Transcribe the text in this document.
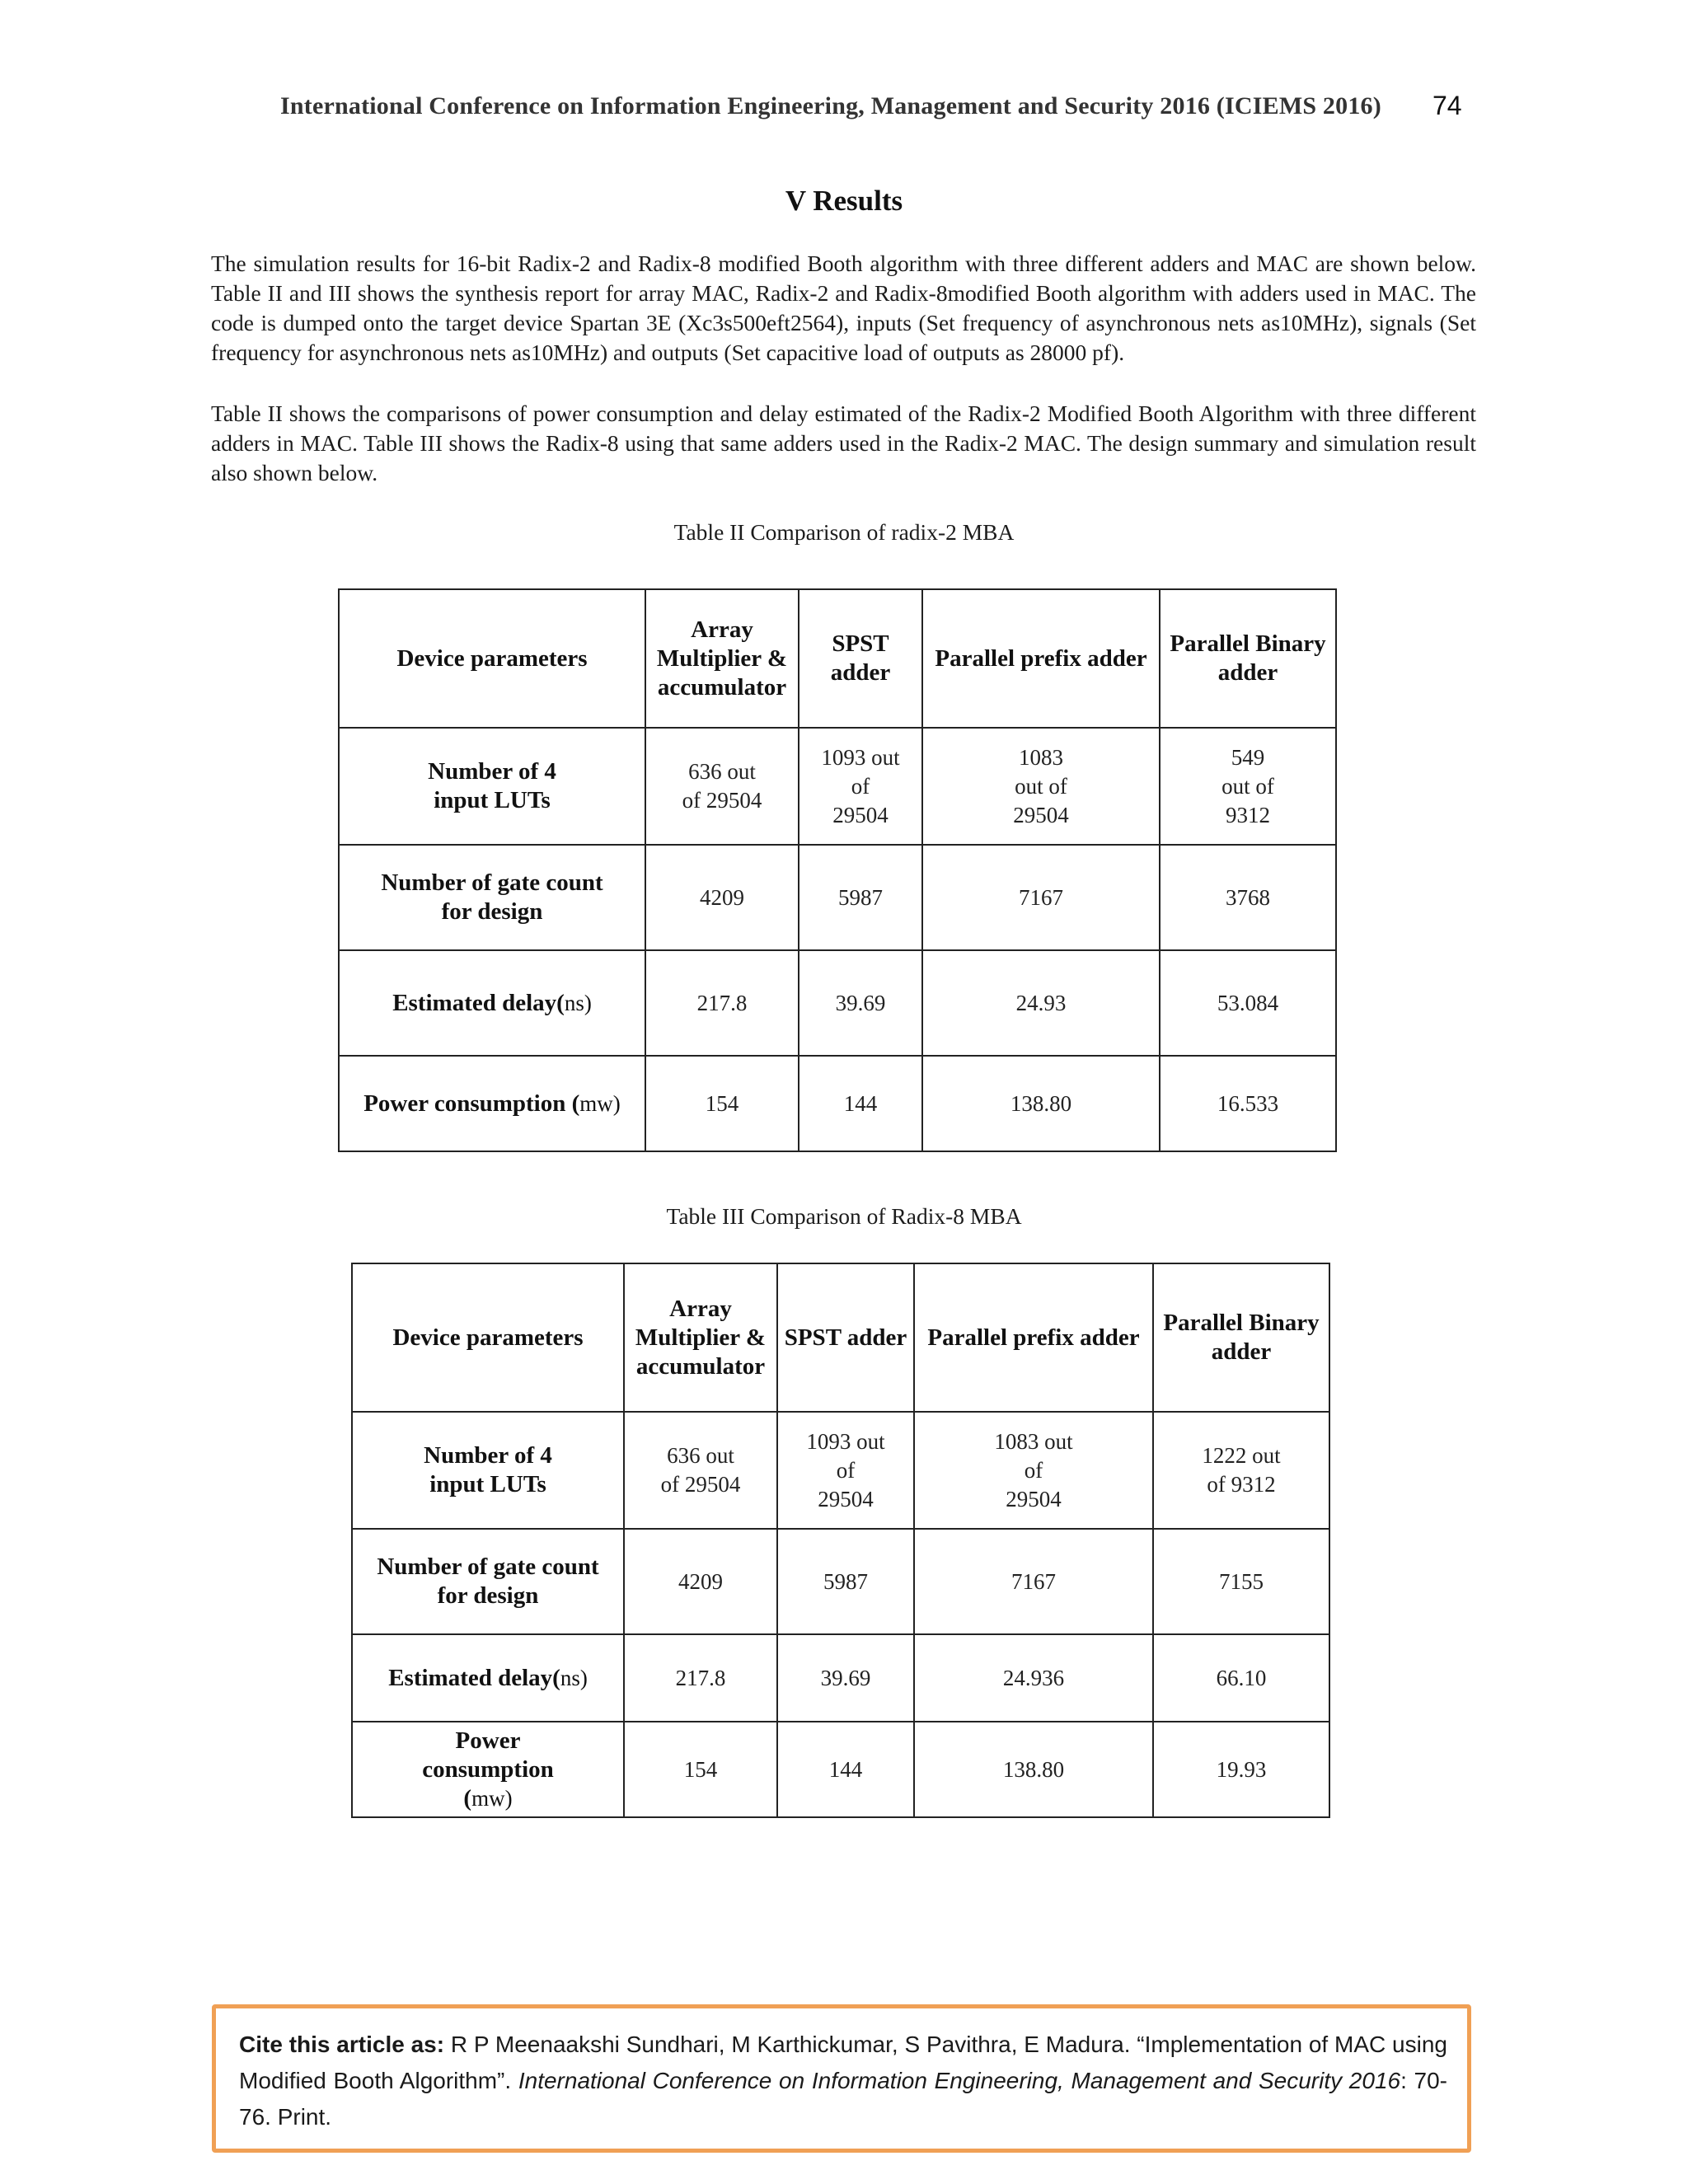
International Conference on Information Engineering, Management and Security 2016 (ICIEMS 2016)	74
V Results
The simulation results for 16-bit Radix-2 and Radix-8 modified Booth algorithm with three different adders and MAC are shown below. Table II and III shows the synthesis report for array MAC, Radix-2 and Radix-8modified Booth algorithm with adders used in MAC. The code is dumped onto the target device Spartan 3E (Xc3s500eft2564), inputs (Set frequency of asynchronous nets as10MHz), signals (Set frequency for asynchronous nets as10MHz) and outputs (Set capacitive load of outputs as 28000 pf).
Table II shows the comparisons of power consumption and delay estimated of the Radix-2 Modified Booth Algorithm with three different adders in MAC. Table III shows the Radix-8 using that same adders used in the Radix-2 MAC. The design summary and simulation result also shown below.
Table II Comparison of radix-2 MBA
Device parameters	Array Multiplier & accumulator	SPST adder	Parallel prefix adder	Parallel Binary adder
Number of 4 input LUTs	636 out of 29504	1093 out of 29504	1083 out of 29504	549 out of 9312
Number of gate count for design	4209	5987	7167	3768
Estimated delay(ns)	217.8	39.69	24.93	53.084
Power consumption (mw)	154	144	138.80	16.533
Table III Comparison of Radix-8 MBA
Device parameters	Array Multiplier & accumulator	SPST adder	Parallel prefix adder	Parallel Binary adder
Number of 4 input LUTs	636 out of 29504	1093 out of 29504	1083 out of 29504	1222 out of 9312
Number of gate count for design	4209	5987	7167	7155
Estimated delay(ns)	217.8	39.69	24.936	66.10
Power consumption (mw)	154	144	138.80	19.93
Cite this article as: R P Meenaakshi Sundhari, M Karthickumar, S Pavithra, E Madura. “Implementation of MAC using Modified Booth Algorithm”. International Conference on Information Engineering, Management and Security 2016: 70-76. Print.
